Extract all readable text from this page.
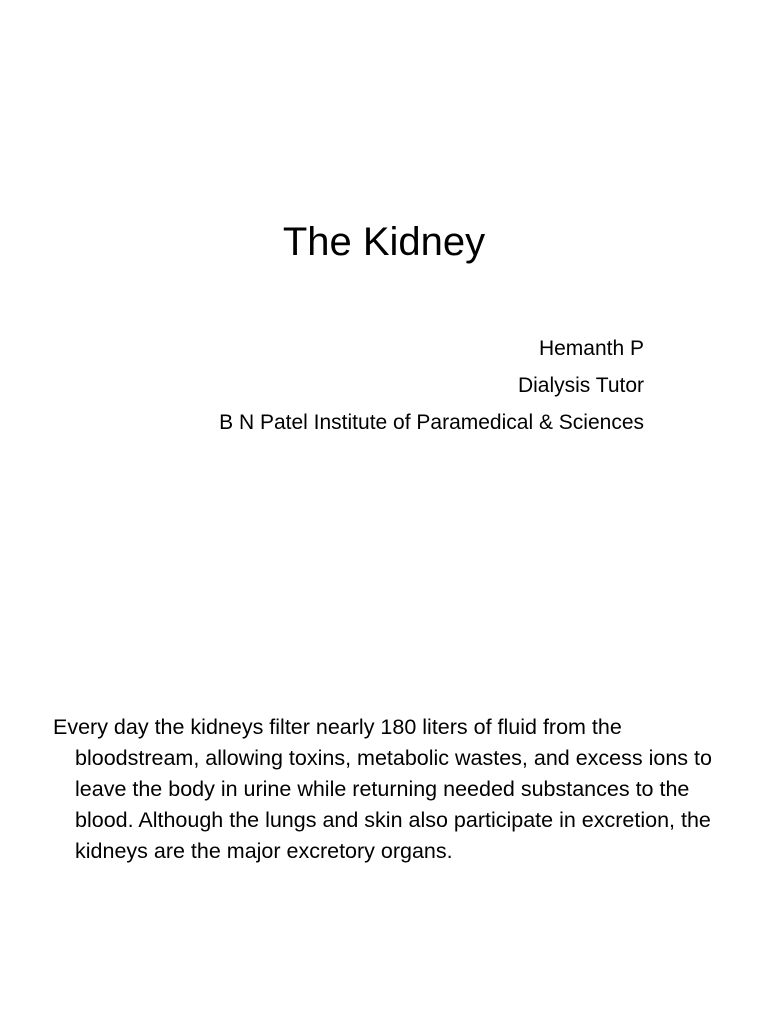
The Kidney
Hemanth P
Dialysis Tutor
B N Patel Institute of Paramedical & Sciences

Every day the kidneys filter nearly 180 liters of fluid from the bloodstream, allowing toxins, metabolic wastes, and excess ions to leave the body in urine while returning needed substances to the blood. Although the lungs and skin also participate in excretion, the kidneys are the major excretory organs.
